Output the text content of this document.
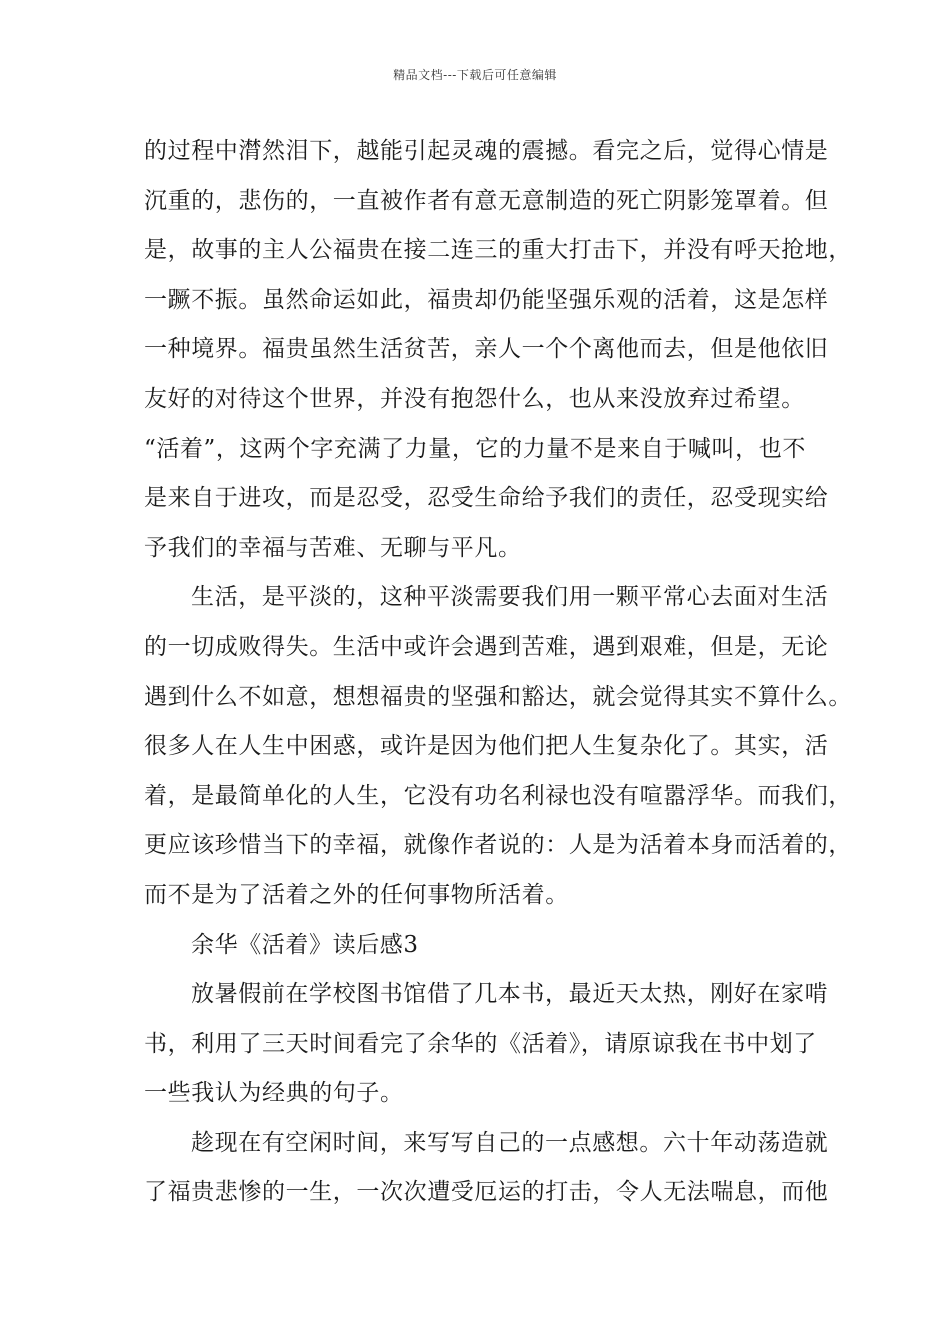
精品文档---下载后可任意编辑
的过程中潸然泪下，越能引起灵魂的震撼。看完之后，觉得心情是
沉重的，悲伤的，一直被作者有意无意制造的死亡阴影笼罩着。但
是，故事的主人公福贵在接二连三的重大打击下，并没有呼天抢地，
一蹶不振。虽然命运如此，福贵却仍能坚强乐观的活着，这是怎样
一种境界。福贵虽然生活贫苦，亲人一个个离他而去，但是他依旧
友好的对待这个世界，并没有抱怨什么，也从来没放弃过希望。
“活着”，这两个字充满了力量，它的力量不是来自于喊叫，也不
是来自于进攻，而是忍受，忍受生命给予我们的责任，忍受现实给
予我们的幸福与苦难、无聊与平凡。
生活，是平淡的，这种平淡需要我们用一颗平常心去面对生活
的一切成败得失。生活中或许会遇到苦难，遇到艰难，但是，无论
遇到什么不如意，想想福贵的坚强和豁达，就会觉得其实不算什么。
很多人在人生中困惑，或许是因为他们把人生复杂化了。其实，活
着，是最简单化的人生，它没有功名利禄也没有喧嚣浮华。而我们，
更应该珍惜当下的幸福，就像作者说的：人是为活着本身而活着的，
而不是为了活着之外的任何事物所活着。
余华《活着》读后感3
放暑假前在学校图书馆借了几本书，最近天太热，刚好在家啃
书，利用了三天时间看完了余华的《活着》，请原谅我在书中划了
一些我认为经典的句子。
趁现在有空闲时间，来写写自己的一点感想。六十年动荡造就
了福贵悲惨的一生，一次次遭受厄运的打击，令人无法喘息，而他
